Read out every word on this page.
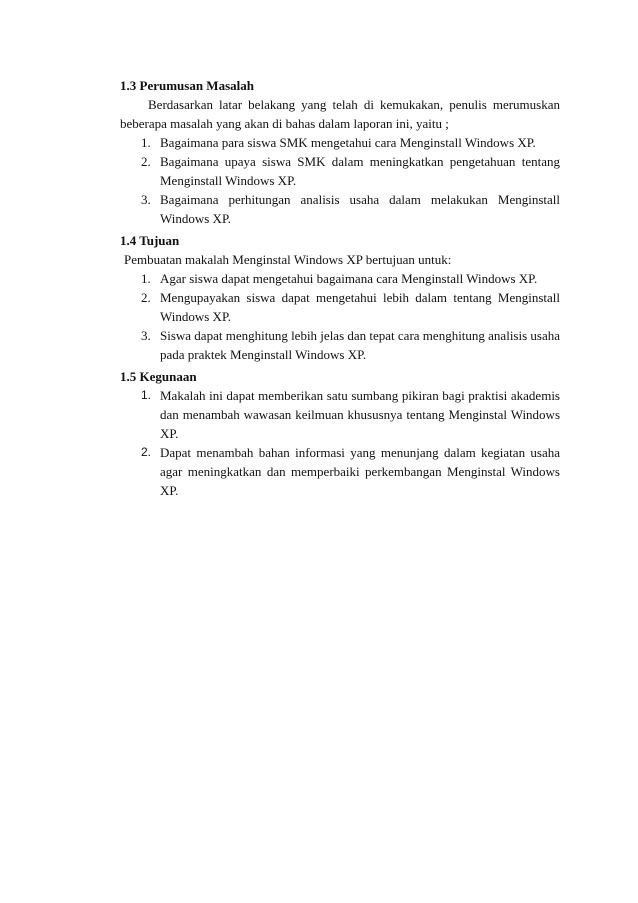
1.3 Perumusan Masalah

Berdasarkan latar belakang yang telah di kemukakan, penulis merumuskan beberapa masalah yang akan di bahas dalam laporan ini, yaitu ;

1. Bagaimana para siswa SMK mengetahui cara Menginstall Windows XP.
2. Bagaimana upaya siswa SMK dalam meningkatkan pengetahuan tentang Menginstall Windows XP.
3. Bagaimana perhitungan analisis usaha dalam melakukan Menginstall Windows XP.

1.4 Tujuan

Pembuatan makalah Menginstal Windows XP bertujuan untuk:

1. Agar siswa dapat mengetahui bagaimana cara Menginstall Windows XP.
2. Mengupayakan siswa dapat mengetahui lebih dalam tentang Menginstall Windows XP.
3. Siswa dapat menghitung lebih jelas dan tepat cara menghitung analisis usaha pada praktek Menginstall Windows XP.

1.5 Kegunaan

1. Makalah ini dapat memberikan satu sumbang pikiran bagi praktisi akademis dan menambah wawasan keilmuan khususnya tentang Menginstal Windows XP.
2. Dapat menambah bahan informasi yang menunjang dalam kegiatan usaha agar meningkatkan dan memperbaiki perkembangan Menginstal Windows XP.
